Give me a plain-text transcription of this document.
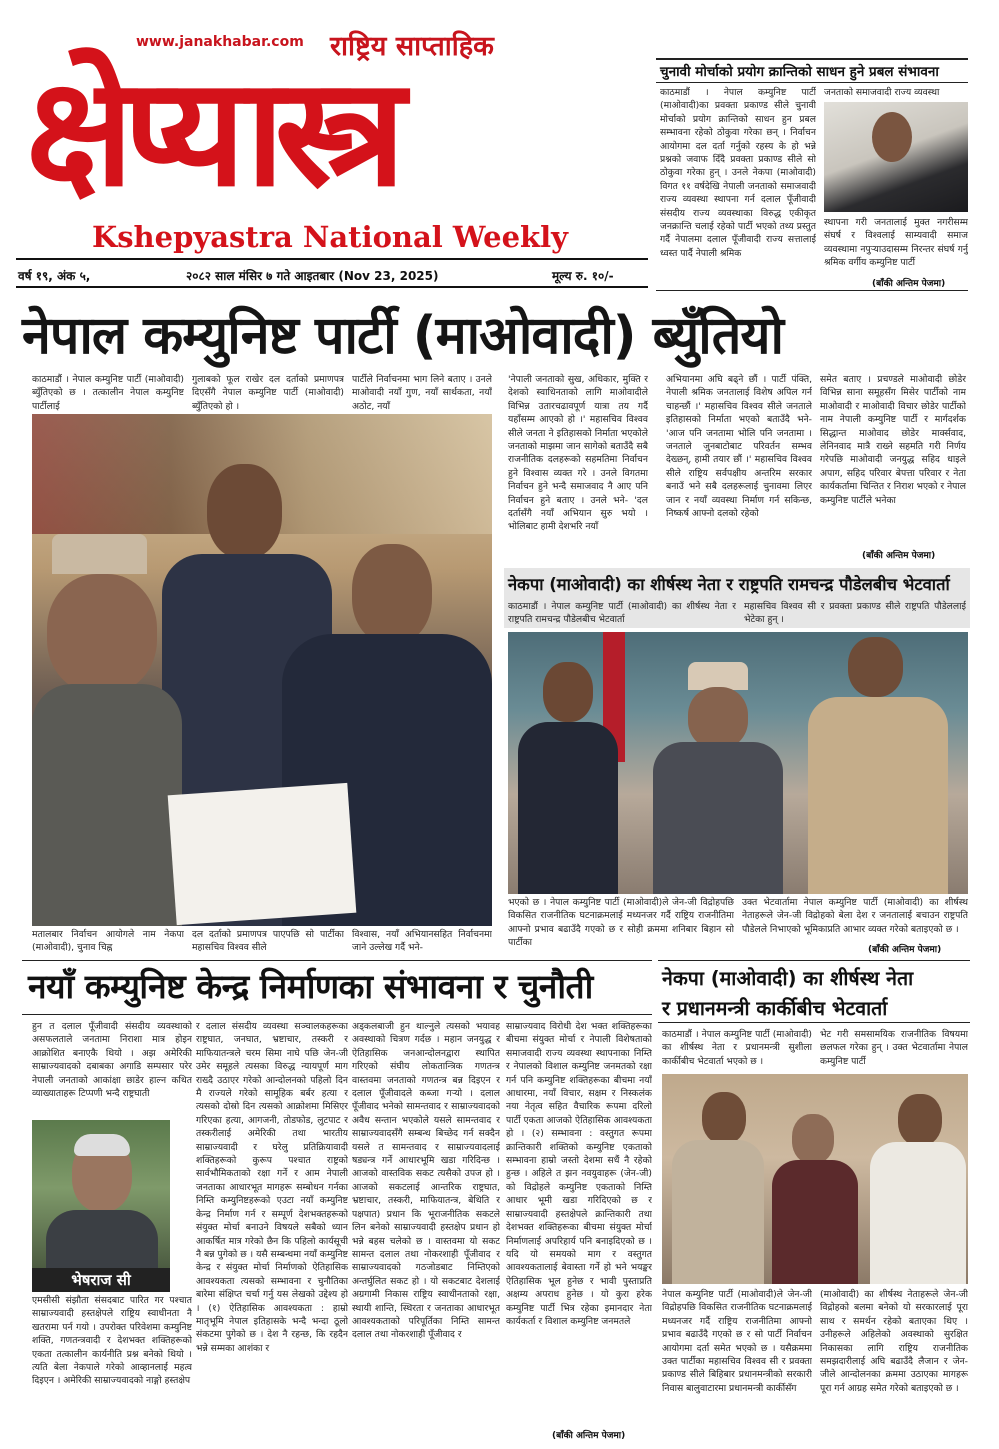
www.janakhabar.com राष्ट्रिय साप्ताहिक
क्षेप्यास्त्र
Kshepyastra National Weekly
वर्ष १९, अंक ५,	२०८२ साल मंसिर ७ गते आइतबार (Nov 23, 2025)	मूल्य रु. १०/-
चुनावी मोर्चाको प्रयोग क्रान्तिको साधन हुने प्रबल संभावना
काठमाडौं । नेपाल कम्युनिष्ट पार्टी (माओवादी)का प्रवक्ता प्रकाण्ड सीले चुनावी मोर्चाको प्रयोग क्रान्तिको साधन हुन प्रबल सम्भावना रहेको ठोकुवा गरेका छन् । निर्वाचन आयोगमा दल दर्ता गर्नुको रहस्य के हो भन्ने प्रश्नको जवाफ दिँदै प्रवक्ता प्रकाण्ड सीले सो ठोकुवा गरेका हुन् । उनले नेकपा (माओवादी) विगत ११ वर्षदेखि नेपाली जनताको समाजवादी राज्य व्यवस्था स्थापना गर्न दलाल पूँजीवादी संसदीय राज्य व्यवस्थाका विरुद्ध एकीकृत जनक्रान्ति चलाई रहेको पार्टी भएको तथ्य प्रस्तुत गर्दै नेपालमा दलाल पूँजीवादी राज्य सत्तालाई ध्वस्त पार्दै नेपाली श्रमिक
जनताको समाजवादी राज्य व्यवस्था
स्थापना गरी जनतालाई मुक्त नगरीसम्म संघर्ष र विश्वलाई साम्यवादी समाज व्यवस्थामा नपुर्‍याउदासम्म निरन्तर संघर्ष गर्नु श्रमिक वर्गीय कम्युनिष्ट पार्टी
(बाँकी अन्तिम पेजमा)
नेपाल कम्युनिष्ट पार्टी (माओवादी) ब्युँतियो
काठमाडौं । नेपाल कम्युनिष्ट पार्टी (माओवादी) ब्युँतिएको छ । तत्कालीन नेपाल कम्युनिष्ट पार्टीलाई
गुलाबको फूल राखेर दल दर्ताको प्रमाणपत्र दिएसँगै नेपाल कम्युनिष्ट पार्टी (माओवादी) ब्युँतिएको हो ।
पार्टीले निर्वाचनमा भाग लिने बताए । उनले माओवादी नयाँ गुण, नयाँ सार्थकता, नयाँ अठोट, नयाँ
'नेपाली जनताको सुख, अधिकार, मुक्ति र देशको स्वाधिनताको लागि माओवादीले विभिन्न उतारचढावपूर्ण यात्रा तय गर्दै यहाँसम्म आएको हो ।' महासचिव विश्वव सीले जनता ने इतिहासको निर्माता भएकोले जनताको माझमा जान सागेको बताउँदै सबै राजनीतिक दलहरूको सहमतिमा निर्वाचन हुने विश्वास व्यक्त गरे । उनले विगतमा निर्वाचन हुने भन्दै समाजवाद नै आए पनि निर्वाचन हुने बताए । उनले भने- 'दल दर्तासँगै नयाँ अभियान सुरु भयो । भोलिबाट हामी देशभरि नयाँ
अभियानमा अघि बढ्ने छौं । पार्टी पंक्ति, नेपाली श्रमिक जनतालाई विशेष अपिल गर्न चाहन्छौं ।' महासचिव विश्वव सीले जनताले इतिहासको निर्माता भएको बताउँदै भने- 'आज पनि जनतामा भोलि पनि जनतामा । जनताले जुनबाटोबाट परिवर्तन सम्भव देख्छन्, हामी तयार छौं ।' महासचिव विश्वव सीले राष्ट्रिय सर्वपक्षीय अन्तरिम सरकार बनाउँ भने सबै दलहरूलाई चुनावमा लिएर जान र नयाँ व्यवस्था निर्माण गर्न सकिन्छ, निष्कर्ष आफ्नो दलको रहेको
समेत बताए । प्रचण्डले माओवादी छोडेर विभिन्न साना समूहसँग मिसेर पार्टीको नाम माओवादी र माओवादी विचार छोडेर पार्टीको नाम नेपाली कम्युनिष्ट पार्टी र मार्गदर्शक सिद्धान्त माओवाद छोडेर मार्क्सवाद, लेनिनवाद मात्रै राख्ने सहमति गरी निर्णय गरेपछि माओवादी जनयुद्ध सहिद धाइले अपाग, सहिद परिवार बेपत्ता परिवार र नेता कार्यकर्तामा चिन्तित र निराश भएको र नेपाल कम्युनिष्ट पार्टीले भनेका
(बाँकी अन्तिम पेजमा)
मतालबार निर्वाचन आयोगले नाम नेकपा (माओवादी), चुनाव चिह्न
दल दर्ताको प्रमाणपत्र पाएपछि सो पार्टीका महासचिव विश्वव सीले
विश्वास, नयाँ अभियानसहित निर्वाचनमा जाने उल्लेख गर्दै भने-
नेकपा (माओवादी) का शीर्षस्थ नेता र राष्ट्रपति रामचन्द्र पौडेलबीच भेटवार्ता
काठमाडौं । नेपाल कम्युनिष्ट पार्टी (माओवादी) का शीर्षस्थ नेता र राष्ट्रपति रामचन्द्र पौडेलबीच भेटवार्ता
महासचिव विश्वव सी र प्रवक्ता प्रकाण्ड सीले राष्ट्रपति पौडेललाई भेटेका हुन् ।
भएको छ । नेपाल कम्युनिष्ट पार्टी (माओवादी)ले जेन-जी विद्रोहपछि विकसित राजनीतिक घटनाक्रमलाई मध्यनजर गर्दै राष्ट्रिय राजनीतिमा आफ्नो प्रभाव बढाउँदै गएको छ र सोही क्रममा शनिबार बिहान सो पार्टीका
उक्त भेटवार्तामा नेपाल कम्युनिष्ट पार्टी (माओवादी) का शीर्षस्थ नेताहरूले जेन-जी विद्रोहको बेला देश र जनतालाई बचाउन राष्ट्रपति पौडेलले निभाएको भूमिकाप्रति आभार व्यक्त गरेको बताइएको छ ।
(बाँकी अन्तिम पेजमा)
नयाँ कम्युनिष्ट केन्द्र निर्माणका संभावना र चुनौती
हुन त दलाल पूँजीवादी संसदीय व्यवस्थाको असफलताले जनतामा निराशा मात्र होइन आक्रोशित बनाएकै थियो । अझ अमेरिकी साम्राज्यवादको दबाबका अगाडि सम्पसार परेर नेपाली जनताको आकांक्षा छाडेर हाल्न कथित व्याख्याताहरू टिप्पणी भन्दै राष्ट्रघाती
भेषराज सी
एमसीसी संझौता संसदबाट पारित गर पश्चात साम्राज्यवादी हस्तक्षेपले राष्ट्रिय स्वाधीनता नै खतरामा पर्न गयो । उपरोक्त परिवेशमा कम्युनिष्ट शक्ति, गणतन्त्रवादी र देशभक्त शक्तिहरूको एकता तत्कालीन कार्यनीति प्रश्न बनेको थियो । त्यति बेला नेकपाले गरेको आव्हानलाई महत्व दिइएन । अमेरिकी साम्राज्यवादको नाङ्गो हस्तक्षेप
र दलाल संसदीय व्यवस्था सञ्चालकहरूका राष्ट्रघात, जनघात, भ्रष्टाचार, तस्करी र माफियातन्त्रले चरम सिमा नाघे पछि जेन-जी उमेर समूहले त्यसका विरुद्ध न्यायपूर्ण माग राख्दै उठाएर गरेको आन्दोलनको पहिलो दिन मै राज्यले गरेको सामूहिक बर्बर हत्या र त्यसको दोस्रो दिन त्यसको आक्रोशमा मिसिएर गरिएका हत्या, आगजनी, तोडफोड, लुटपाट र तस्करीलाई अमेरिकी तथा भारतीय साम्राज्यवादी र घरेलु प्रतिक्रियावादी शक्तिहरूको कुरूप पश्चात राष्ट्रको सार्वभौमिकताको रक्षा गर्ने र आम नेपाली जनताका आधारभूत मागहरू सम्बोधन गर्नका निम्ति कम्युनिष्टहरूको एउटा नयाँ कम्युनिष्ट केन्द्र निर्माण गर्न र सम्पूर्ण देशभक्तहरूको संयुक्त मोर्चा बनाउने विषयले सबैको ध्यान आकर्षित मात्र गरेको छैन कि पहिलो कार्यसूची नै बन्न पुगेको छ । यसै सम्बन्धमा नयाँ कम्युनिष्ट केन्द्र र संयुक्त मोर्चा निर्माणको ऐतिहासिक आवश्यकता त्यसको सम्भावना र चुनौतिका बारेमा संक्षिप्त चर्चा गर्नु यस लेखको उद्देश्य हो । (१) ऐतिहासिक आवश्यकता : हाम्रो मातृभूमि नेपाल इतिहासके भन्दै भन्दा ठूलो संकटमा पुगेको छ । देश नै रहन्छ, कि रहदैन भन्ने सम्मका आशंका र
अड्कलबाजी हुन थाल्नुले त्यसको भयावह अवस्थाको चित्रण गर्दछ । महान जनयुद्ध र ऐतिहासिक जनआन्दोलनद्वारा स्थापित गरिएको संघीय लोकतान्त्रिक गणतन्त्र वास्तवमा जनताको गणतन्त्र बन्न दिइएन र दलाल पूँजीवादले कब्जा गर्‍यो । दलाल पूँजीवाद भनेको सामन्तवाद र साम्राज्यवादको अवैध सन्तान भएकोले यसले सामन्तवाद र साम्राज्यवादसँगै सम्बन्ध बिच्छेद गर्न सक्दैन यसले त सामन्तवाद र साम्राज्यवादलाई षड्यन्त्र गर्ने आधारभूमि खडा गरिदिन्छ । आजको वास्तविक सकट त्यसैको उपज हो । आजको सकटलाई आन्तरिक राष्ट्रघात, भ्रष्टाचार, तस्करी, माफियातन्त्र, बेथिति र पक्षपात) प्रधान कि भूराजनीतिक सकटले लिन बनेको साम्राज्यवादी हस्तक्षेप प्रधान हो भन्ने बहस चलेको छ । वास्तवमा यो सकट सामन्त दलाल तथा नोकरशाही पूँजीवाद र साम्राज्यवादको गठजोडबाट निम्तिएको अन्तर्घुलित सकट हो । यो सकटबाट देशलाई अग्रगामी निकास राष्ट्रिय स्वाधीनताको रक्षा, स्थायी शान्ति, स्थिरता र जनताका आधारभूत आवश्यकताको परिपूर्तिका निम्ति सामन्त दलाल तथा नोकरशाही पूँजीवाद र
साम्राज्यवाद विरोधी देश भक्त शक्तिहरूका बीचमा संयुक्त मोर्चा र नेपाली विशेषताको समाजवादी राज्य व्यवस्था स्थापनाका निम्ति र नेपालको विशाल कम्युनिष्ट जनमतको रक्षा गर्न पनि कम्युनिष्ट शक्तिहरूका बीचमा नयाँ आधारमा, नयाँ विचार, सक्षम र निस्कलंक नया नेतृत्व सहित वैचारिक रूपमा दरिलो पार्टी एकता आजको ऐतिहासिक आवश्यकता हो । (२) सम्भावना : वस्तुगत रूपमा क्रान्तिकारी शक्तिको कम्युनिष्ट एकताको सम्भावना हाम्रो जस्तो देशमा सधैं नै रहेको हुन्छ । अहिले त झन नवयुवाहरू (जेन-जी) को विद्रोहले कम्युनिष्ट एकताको निम्ति आधार भूमी खडा गरिदिएको छ र साम्राज्यवादी हस्तक्षेपले क्रान्तिकारी तथा देशभक्त शक्तिहरूका बीचमा संयुक्त मोर्चा निर्माणलाई अपरिहार्य पनि बनाइदिएको छ । यदि यो समयको माग र वस्तुगत आवश्यकतालाई बेवास्ता गर्ने हो भने भयङ्कर ऐतिहासिक भूल हुनेछ र भावी पुस्ताप्रति अक्षम्य अपराध हुनेछ । यो कुरा हरेक कम्युनिष्ट पार्टी भित्र रहेका इमानदार नेता कार्यकर्ता र विशाल कम्युनिष्ट जनमतले
(बाँकी अन्तिम पेजमा)
नेकपा (माओवादी) का शीर्षस्थ नेता
र प्रधानमन्त्री कार्कीबीच भेटवार्ता
काठमाडौं । नेपाल कम्युनिष्ट पार्टी (माओवादी) का शीर्षस्थ नेता र प्रधानमन्त्री सुशीला कार्कीबीच भेटवार्ता भएको छ ।
भेट गरी समसामयिक राजनीतिक विषयमा छलफल गरेका हुन् । उक्त भेटवार्तामा नेपाल कम्युनिष्ट पार्टी
नेपाल कम्युनिष्ट पार्टी (माओवादी)ले जेन-जी विद्रोहपछि विकसित राजनीतिक घटनाक्रमलाई मध्यनजर गर्दै राष्ट्रिय राजनीतिमा आफ्नो प्रभाव बढाउँदै गएको छ र सो पार्टी निर्वाचन आयोगमा दर्ता समेत भएको छ । यसैक्रममा उक्त पार्टीका महासचिव विश्वव सी र प्रवक्ता प्रकाण्ड सीले बिहिबार प्रधानमन्त्रीको सरकारी निवास बालुवाटारमा प्रधानमन्त्री कार्कीसँग
(माओवादी) का शीर्षस्थ नेताहरूले जेन-जी विद्रोहको बलमा बनेको यो सरकारलाई पूरा साथ र समर्थन रहेको बताएका थिए । उनीहरूले अहिलेको अवस्थाको सुरक्षित निकासका लागि राष्ट्रिय राजनीतिक समझदारीलाई अघि बढाउँदै लैजान र जेन-जीले आन्दोलनका क्रममा उठाएका मागहरू पूरा गर्न आग्रह समेत गरेको बताइएको छ ।
